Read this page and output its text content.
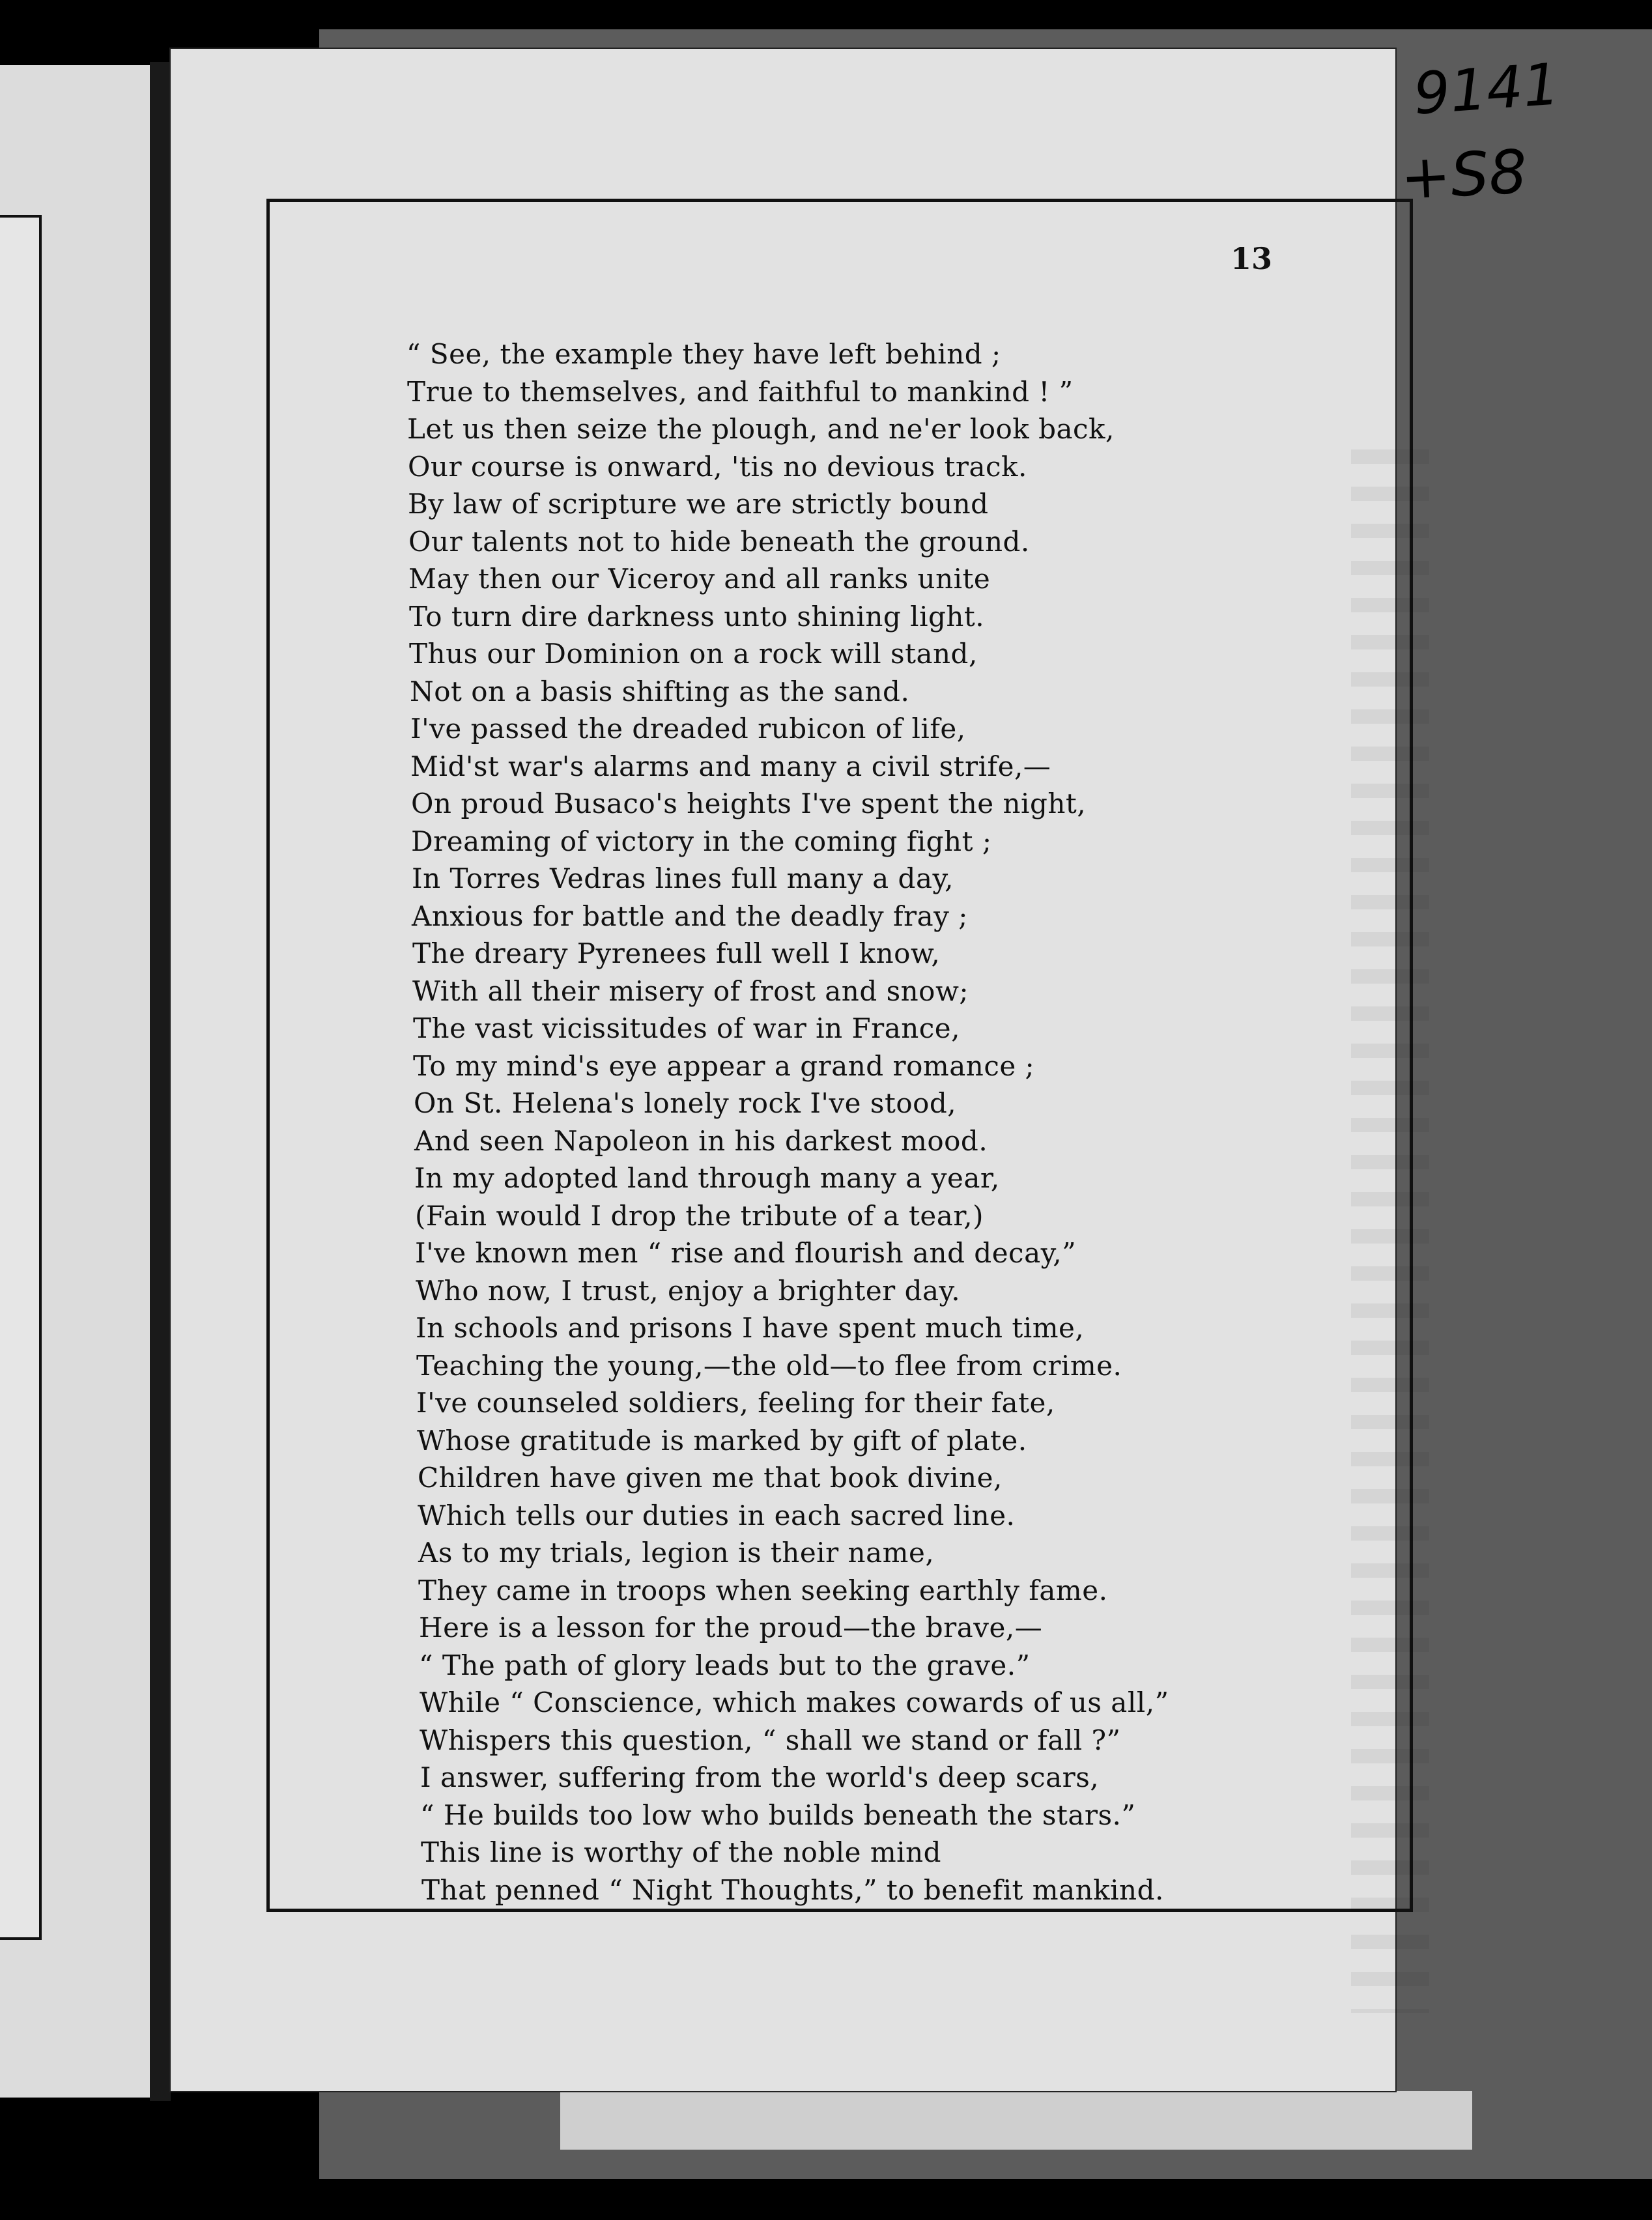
9141
+S8
13
“ See, the example they have left behind ;
True to themselves, and faithful to mankind ! ”
Let us then seize the plough, and ne'er look back,
Our course is onward, 'tis no devious track.
By law of scripture we are strictly bound
Our talents not to hide beneath the ground.
May then our Viceroy and all ranks unite
To turn dire darkness unto shining light.
Thus our Dominion on a rock will stand,
Not on a basis shifting as the sand.
I've passed the dreaded rubicon of life,
Mid'st war's alarms and many a civil strife,—
On proud Busaco's heights I've spent the night,
Dreaming of victory in the coming fight ;
In Torres Vedras lines full many a day,
Anxious for battle and the deadly fray ;
The dreary Pyrenees full well I know,
With all their misery of frost and snow;
The vast vicissitudes of war in France,
To my mind's eye appear a grand romance ;
On St. Helena's lonely rock I've stood,
And seen Napoleon in his darkest mood.
In my adopted land through many a year,
(Fain would I drop the tribute of a tear,)
I've known men “ rise and flourish and decay,”
Who now, I trust, enjoy a brighter day.
In schools and prisons I have spent much time,
Teaching the young,—the old—to flee from crime.
I've counseled soldiers, feeling for their fate,
Whose gratitude is marked by gift of plate.
Children have given me that book divine,
Which tells our duties in each sacred line.
As to my trials, legion is their name,
They came in troops when seeking earthly fame.
Here is a lesson for the proud—the brave,—
“ The path of glory leads but to the grave.”
While “ Conscience, which makes cowards of us all,”
Whispers this question, “ shall we stand or fall ?”
I answer, suffering from the world's deep scars,
“ He builds too low who builds beneath the stars.”
This line is worthy of the noble mind
That penned “ Night Thoughts,” to benefit mankind.
